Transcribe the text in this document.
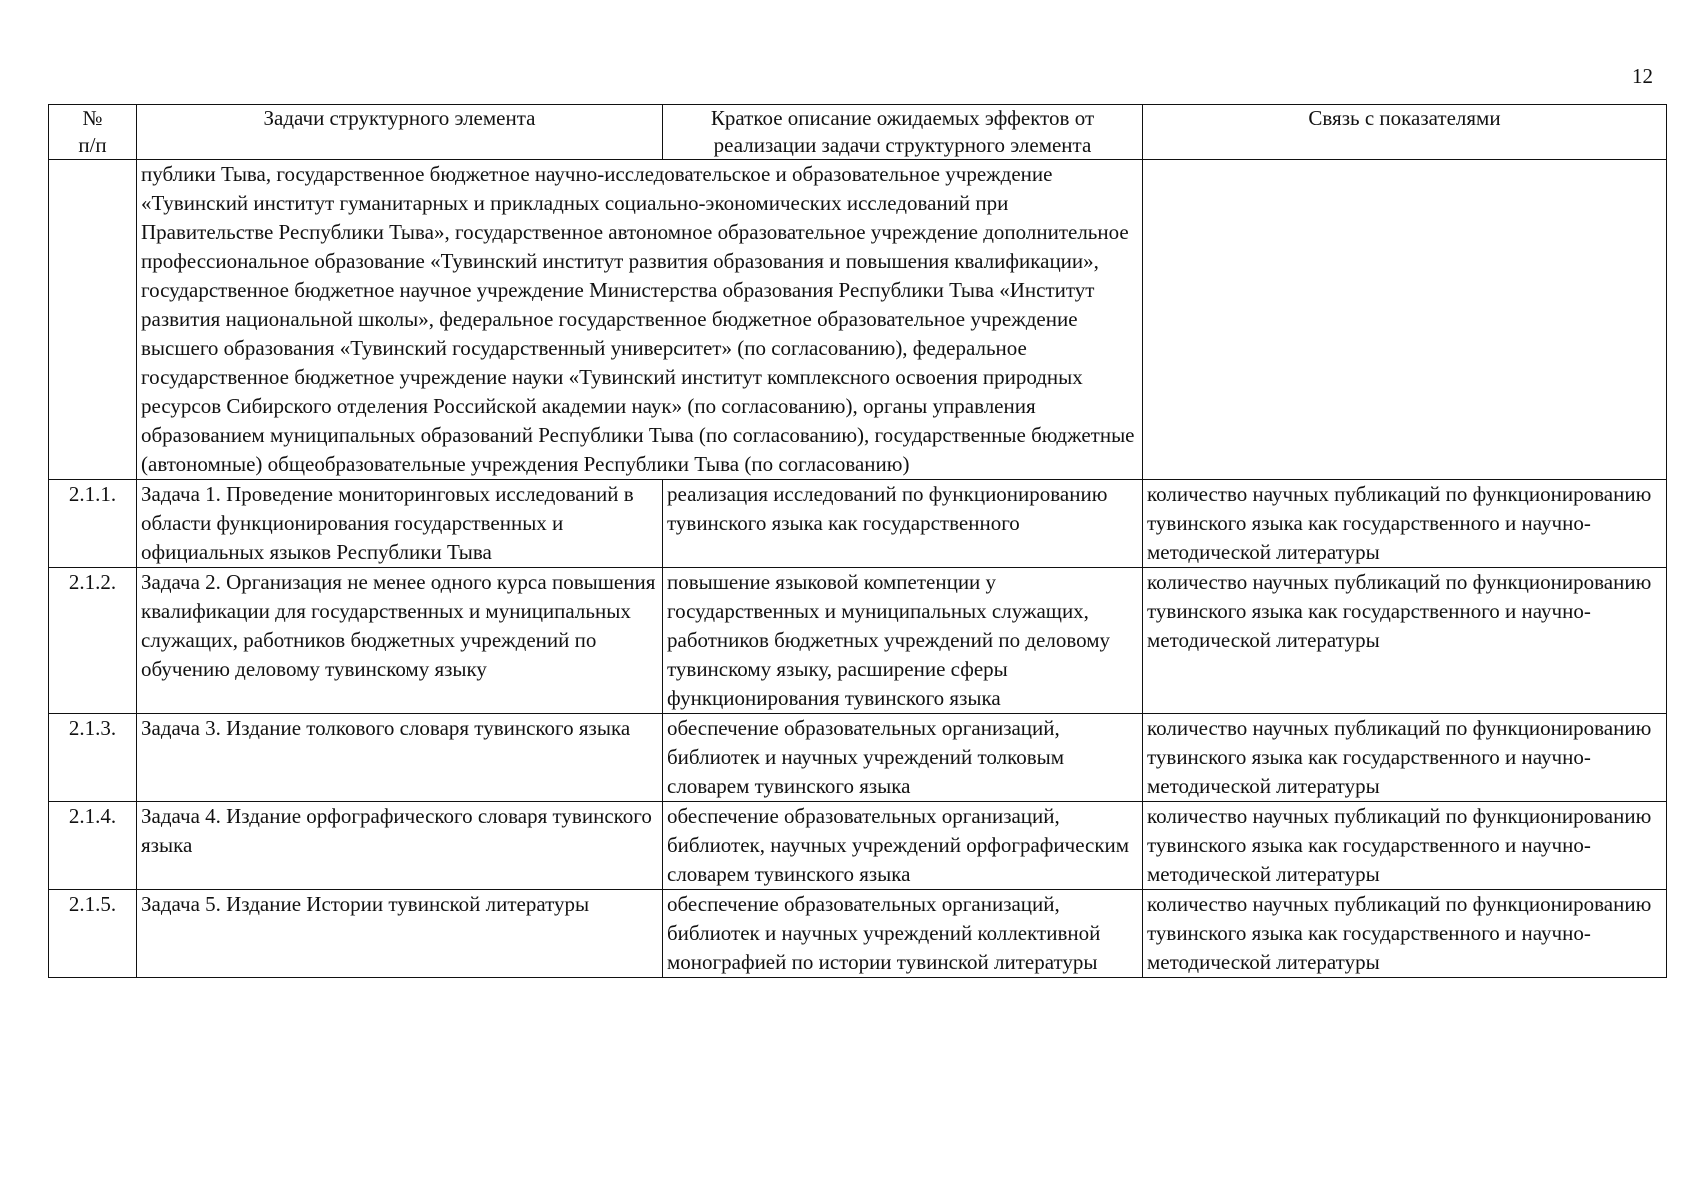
12
№
п/п	Задачи структурного элемента	Краткое описание ожидаемых эффектов от реализации задачи структурного элемента	Связь с показателями
	публики Тыва, государственное бюджетное научно-исследовательское и образовательное учреждение «Тувинский институт гуманитарных и прикладных социально-экономических исследований при Правительстве Республики Тыва», государственное автономное образовательное учреждение дополнительное профессиональное образование «Тувинский институт развития образования и повышения квалификации», государственное бюджетное научное учреждение Министерства образования Республики Тыва «Институт развития национальной школы», федеральное государственное бюджетное образовательное учреждение высшего образования «Тувинский государственный университет» (по согласованию), федеральное государственное бюджетное учреждение науки «Тувинский институт комплексного освоения природных ресурсов Сибирского отделения Российской академии наук» (по согласованию), органы управления образованием муниципальных образований Республики Тыва (по согласованию), государственные бюджетные (автономные) общеобразовательные учреждения Республики Тыва (по согласованию)		
2.1.1.	Задача 1. Проведение мониторинговых исследований в области функционирования государственных и официальных языков Республики Тыва	реализация исследований по функционированию тувинского языка как государственного	количество научных публикаций по функционированию тувинского языка как государственного и научно-методической литературы
2.1.2.	Задача 2. Организация не менее одного курса повышения квалификации для государственных и муниципальных служащих, работников бюджетных учреждений по обучению деловому тувинскому языку	повышение языковой компетенции у государственных и муниципальных служащих, работников бюджетных учреждений по деловому тувинскому языку, расширение сферы функционирования тувинского языка	количество научных публикаций по функционированию тувинского языка как государственного и научно-методической литературы
2.1.3.	Задача 3. Издание толкового словаря тувинского языка	обеспечение образовательных организаций, библиотек и научных учреждений толковым словарем тувинского языка	количество научных публикаций по функционированию тувинского языка как государственного и научно-методической литературы
2.1.4.	Задача 4. Издание орфографического словаря тувинского языка	обеспечение образовательных организаций, библиотек, научных учреждений орфографическим словарем тувинского языка	количество научных публикаций по функционированию тувинского языка как государственного и научно-методической литературы
2.1.5.	Задача 5. Издание Истории тувинской литературы	обеспечение образовательных организаций, библиотек и научных учреждений коллективной монографией по истории тувинской литературы	количество научных публикаций по функционированию тувинского языка как государственного и научно-методической литературы
